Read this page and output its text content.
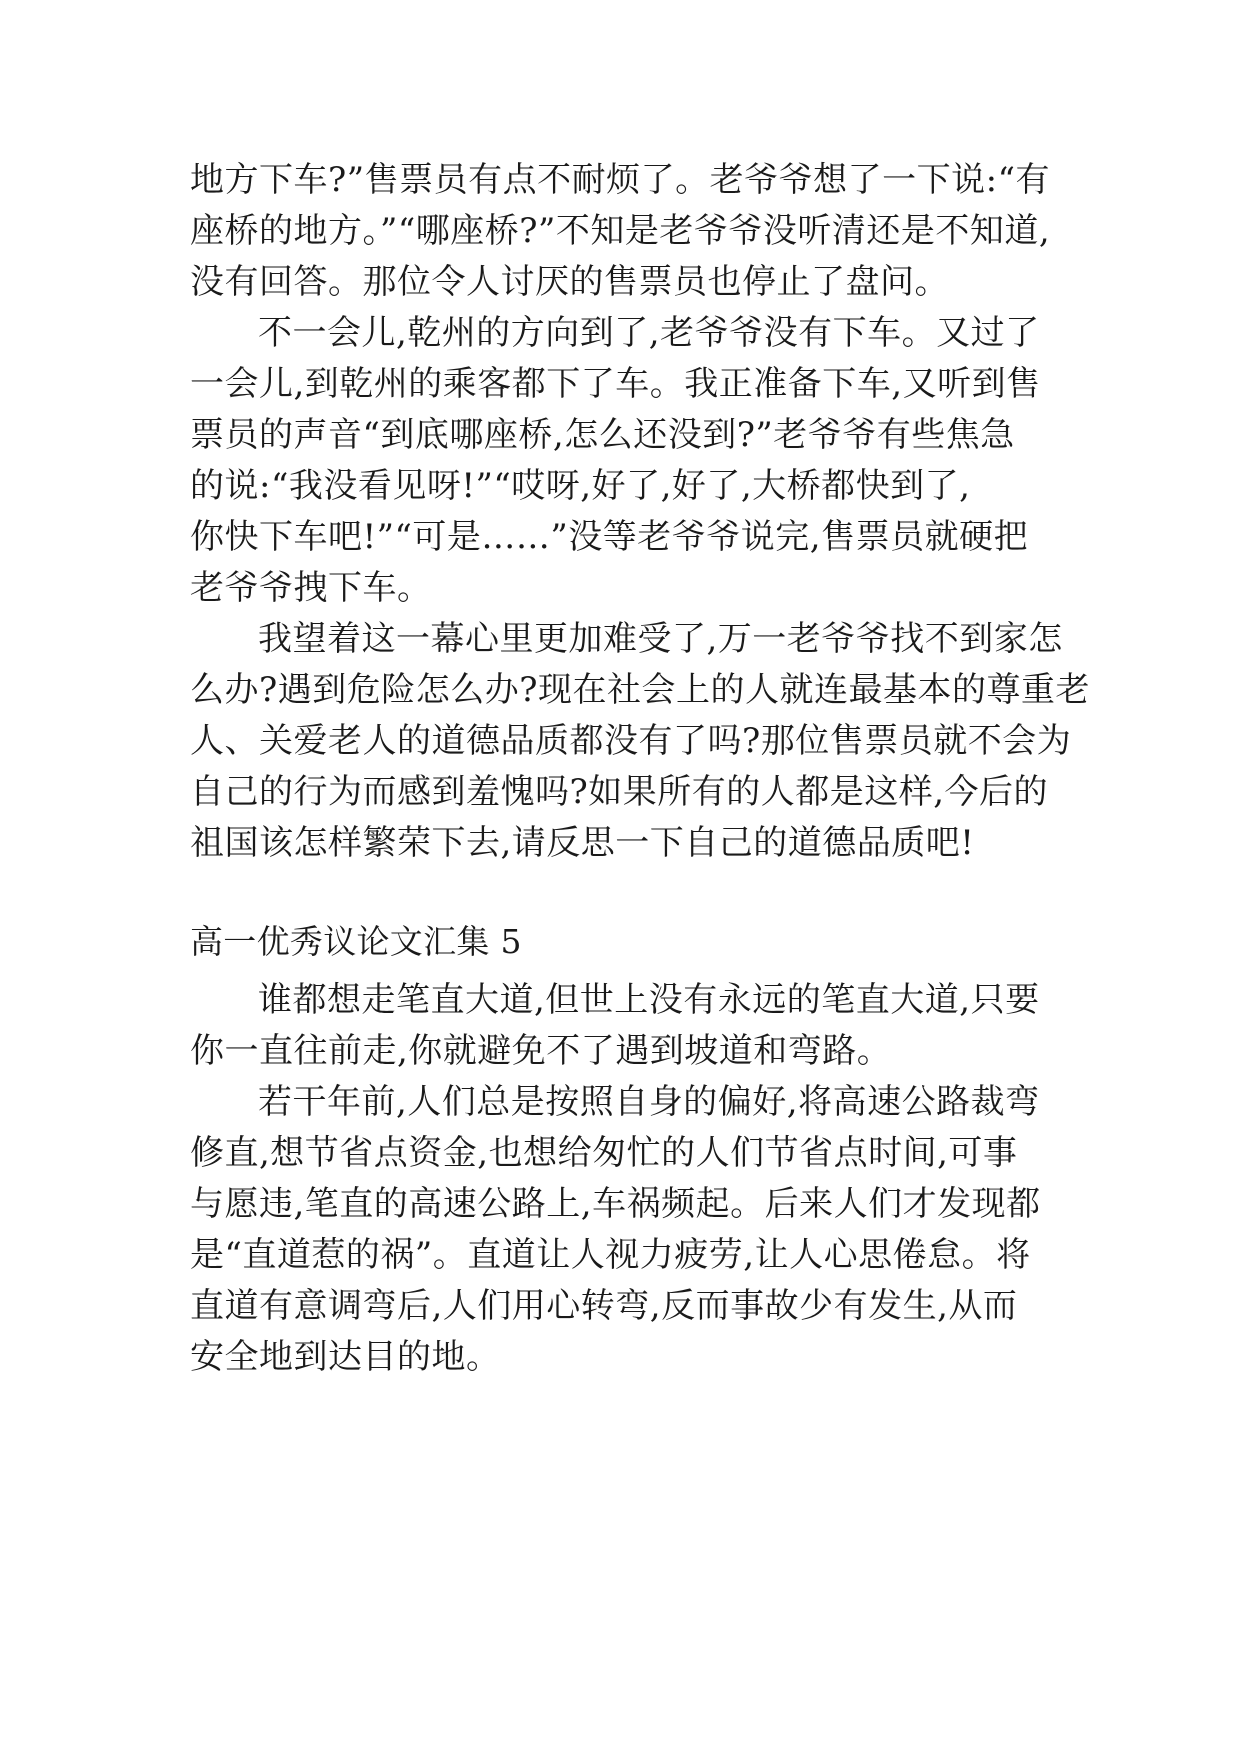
地方下车?”售票员有点不耐烦了。老爷爷想了一下说:“有
座桥的地方。”“哪座桥?”不知是老爷爷没听清还是不知道,
没有回答。那位令人讨厌的售票员也停止了盘问。
不一会儿,乾州的方向到了,老爷爷没有下车。又过了
一会儿,到乾州的乘客都下了车。我正准备下车,又听到售
票员的声音“到底哪座桥,怎么还没到?”老爷爷有些焦急
的说:“我没看见呀!”“哎呀,好了,好了,大桥都快到了,
你快下车吧!”“可是……”没等老爷爷说完,售票员就硬把
老爷爷拽下车。
我望着这一幕心里更加难受了,万一老爷爷找不到家怎
么办?遇到危险怎么办?现在社会上的人就连最基本的尊重老
人、关爱老人的道德品质都没有了吗?那位售票员就不会为
自己的行为而感到羞愧吗?如果所有的人都是这样,今后的
祖国该怎样繁荣下去,请反思一下自己的道德品质吧!
高一优秀议论文汇集 5
谁都想走笔直大道,但世上没有永远的笔直大道,只要
你一直往前走,你就避免不了遇到坡道和弯路。
若干年前,人们总是按照自身的偏好,将高速公路裁弯
修直,想节省点资金,也想给匆忙的人们节省点时间,可事
与愿违,笔直的高速公路上,车祸频起。后来人们才发现都
是“直道惹的祸”。直道让人视力疲劳,让人心思倦怠。将
直道有意调弯后,人们用心转弯,反而事故少有发生,从而
安全地到达目的地。
